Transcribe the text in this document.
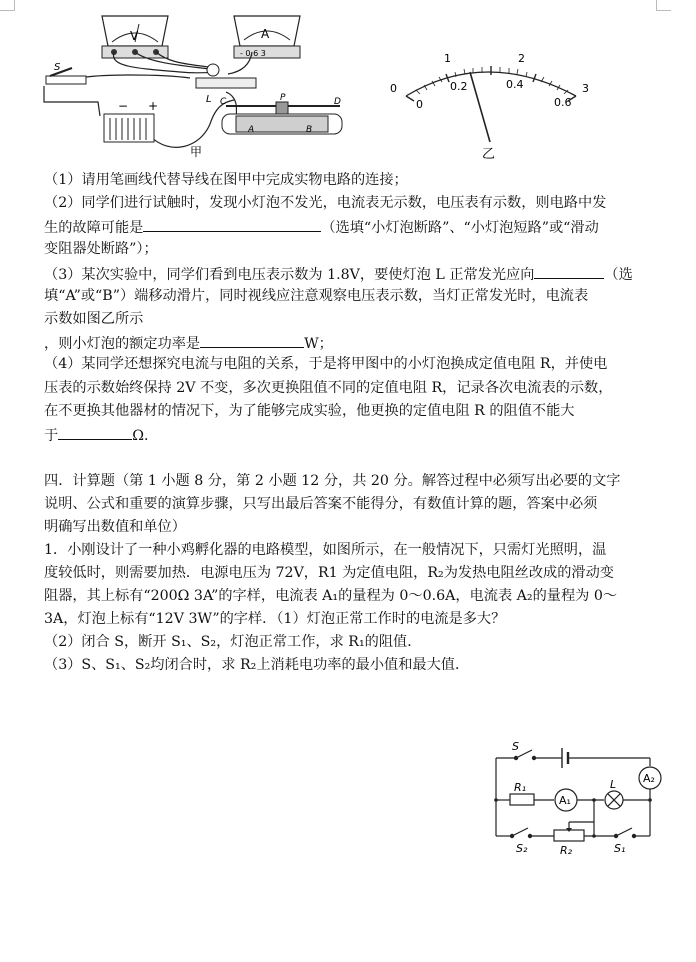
V	A
- 0.6 3
S
L
− +	C	P	D
A	B
甲
0
1	2
3
0
0.2	0.4
0.6
乙
（1）请用笔画线代替导线在图甲中完成实物电路的连接；
（2）同学们进行试触时，发现小灯泡不发光，电流表无示数，电压表有示数，则电路中发
生的故障可能是	（选填“小灯泡断路”、“小灯泡短路”或“滑动
变阻器处断路”）；
（3）某次实验中，同学们看到电压表示数为 1.8V，要使灯泡 L 正常发光应向	（选
填“A”或“B”）端移动滑片，同时视线应注意观察电压表示数，当灯正常发光时，电流表
示数如图乙所示
，则小灯泡的额定功率是	W；
（4）某同学还想探究电流与电阻的关系，于是将甲图中的小灯泡换成定值电阻 R，并使电
压表的示数始终保持 2V 不变，多次更换阻值不同的定值电阻 R，记录各次电流表的示数，
在不更换其他器材的情况下，为了能够完成实验，他更换的定值电阻 R 的阻值不能大
于	Ω．
四．计算题（第 1 小题 8 分，第 2 小题 12 分，共 20 分。解答过程中必须写出必要的文字
说明、公式和重要的演算步骤，只写出最后答案不能得分，有数值计算的题，答案中必须
明确写出数值和单位）
1．小刚设计了一种小鸡孵化器的电路模型，如图所示，在一般情况下，只需灯光照明，温
度较低时，则需要加热．电源电压为 72V，R1 为定值电阻，R₂为发热电阻丝改成的滑动变
阻器，其上标有“200Ω 3A”的字样，电流表 A₁的量程为 0～0.6A，电流表 A₂的量程为 0～
3A，灯泡上标有“12V 3W”的字样．（1）灯泡正常工作时的电流是多大？
（2）闭合 S，断开 S₁、S₂，灯泡正常工作，求 R₁的阻值．
（3）S、S₁、S₂均闭合时，求 R₂上消耗电功率的最小值和最大值．
S
R₁
A₁
L A₂
S₂	R₂	S₁
